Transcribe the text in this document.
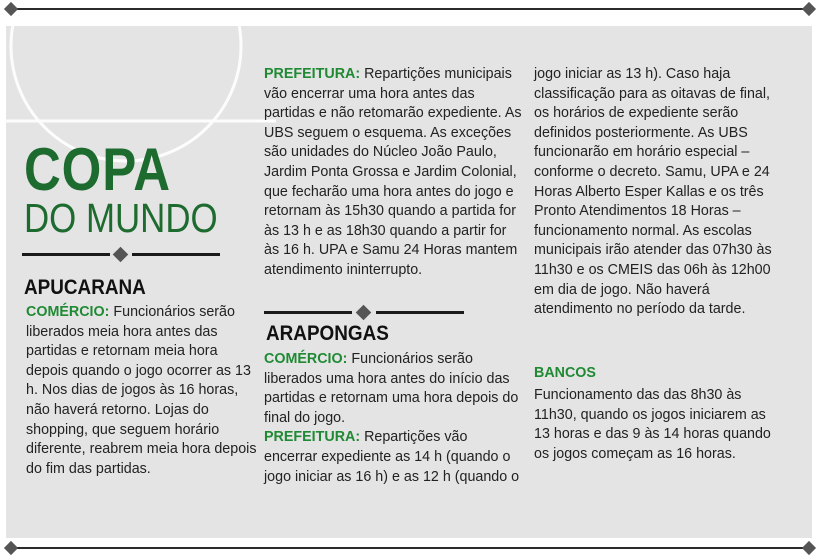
COPA
DO MUNDO
APUCARANA
COMÉRCIO: Funcionários serão liberados meia hora antes das partidas e retornam meia hora depois quando o jogo ocorrer as 13 h. Nos dias de jogos às 16 horas, não haverá retorno. Lojas do shopping, que seguem horário diferente, reabrem meia hora depois do fim das partidas.
PREFEITURA: Repartições municipais vão encerrar uma hora antes das partidas e não retomarão expediente. As UBS seguem o esquema. As exceções são unidades do Núcleo João Paulo, Jardim Ponta Grossa e Jardim Colonial, que fecharão uma hora antes do jogo e retornam às 15h30 quando a partida for às 13 h e as 18h30 quando a partir for às 16 h. UPA e Samu 24 Horas mantem atendimento ininterrupto.
ARAPONGAS
COMÉRCIO: Funcionários serão liberados uma hora antes do início das partidas e retornam uma hora depois do final do jogo.
PREFEITURA: Repartições vão encerrar expediente as 14 h (quando o jogo iniciar as 16 h) e as 12 h (quando o
jogo iniciar as 13 h). Caso haja classificação para as oitavas de final, os horários de expediente serão definidos posteriormente. As UBS funcionarão em horário especial – conforme o decreto. Samu, UPA e 24 Horas Alberto Esper Kallas e os três Pronto Atendimentos 18 Horas – funcionamento normal. As escolas municipais irão atender das 07h30 às 11h30 e os CMEIS das 06h às 12h00 em dia de jogo. Não haverá atendimento no período da tarde.
BANCOS
Funcionamento das das 8h30 às 11h30, quando os jogos iniciarem as 13 horas e das 9 às 14 horas quando os jogos começam as 16 horas.
